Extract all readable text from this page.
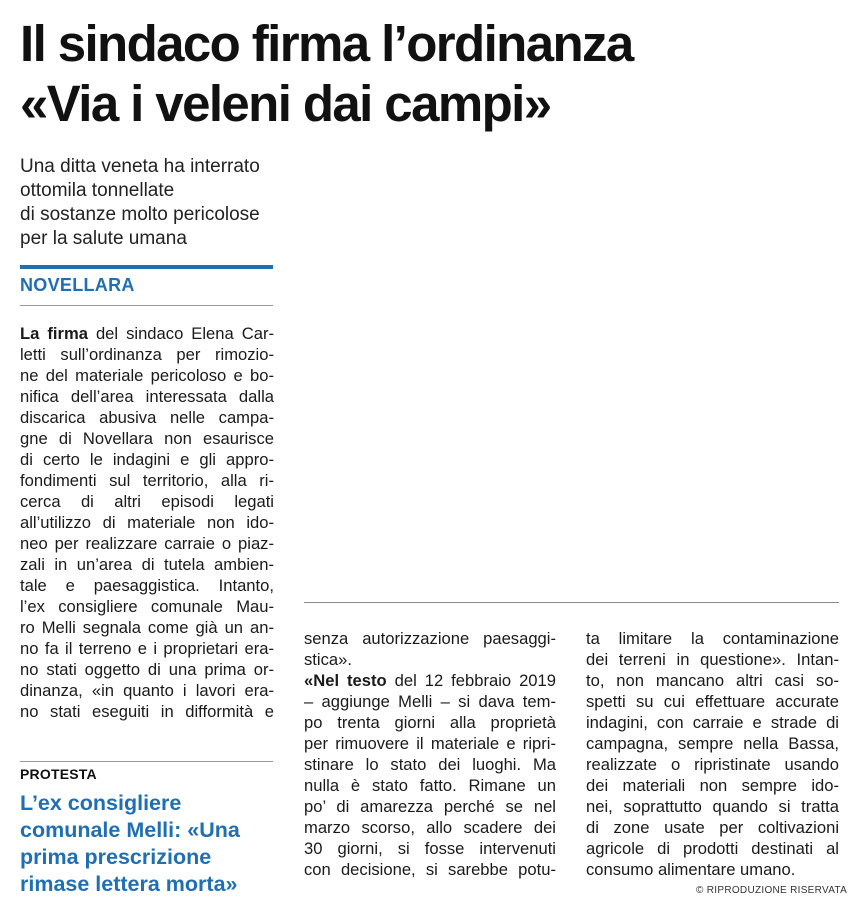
Il sindaco firma l’ordinanza
«Via i veleni dai campi»
Una ditta veneta ha interrato
ottomila tonnellate
di sostanze molto pericolose
per la salute umana
NOVELLARA
La firma del sindaco Elena Car-
letti sull’ordinanza per rimozio-
ne del materiale pericoloso e bo-
nifica dell’area interessata dalla
discarica abusiva nelle campa-
gne di Novellara non esaurisce
di certo le indagini e gli appro-
fondimenti sul territorio, alla ri-
cerca di altri episodi legati
all’utilizzo di materiale non ido-
neo per realizzare carraie o piaz-
zali in un’area di tutela ambien-
tale e paesaggistica. Intanto,
l’ex consigliere comunale Mau-
ro Melli segnala come già un an-
no fa il terreno e i proprietari era-
no stati oggetto di una prima or-
dinanza, «in quanto i lavori era-
no stati eseguiti in difformità e
senza autorizzazione paesaggi-
stica».
«Nel testo del 12 febbraio 2019
– aggiunge Melli – si dava tem-
po trenta giorni alla proprietà
per rimuovere il materiale e ripri-
stinare lo stato dei luoghi. Ma
nulla è stato fatto. Rimane un
po’ di amarezza perché se nel
marzo scorso, allo scadere dei
30 giorni, si fosse intervenuti
con decisione, si sarebbe potu-
ta limitare la contaminazione
dei terreni in questione». Intan-
to, non mancano altri casi so-
spetti su cui effettuare accurate
indagini, con carraie e strade di
campagna, sempre nella Bassa,
realizzate o ripristinate usando
dei materiali non sempre ido-
nei, soprattutto quando si tratta
di zone usate per coltivazioni
agricole di prodotti destinati al
consumo alimentare umano.
PROTESTA
L’ex consigliere
comunale Melli: «Una
prima prescrizione
rimase lettera morta»	© RIPRODUZIONE RISERVATA
